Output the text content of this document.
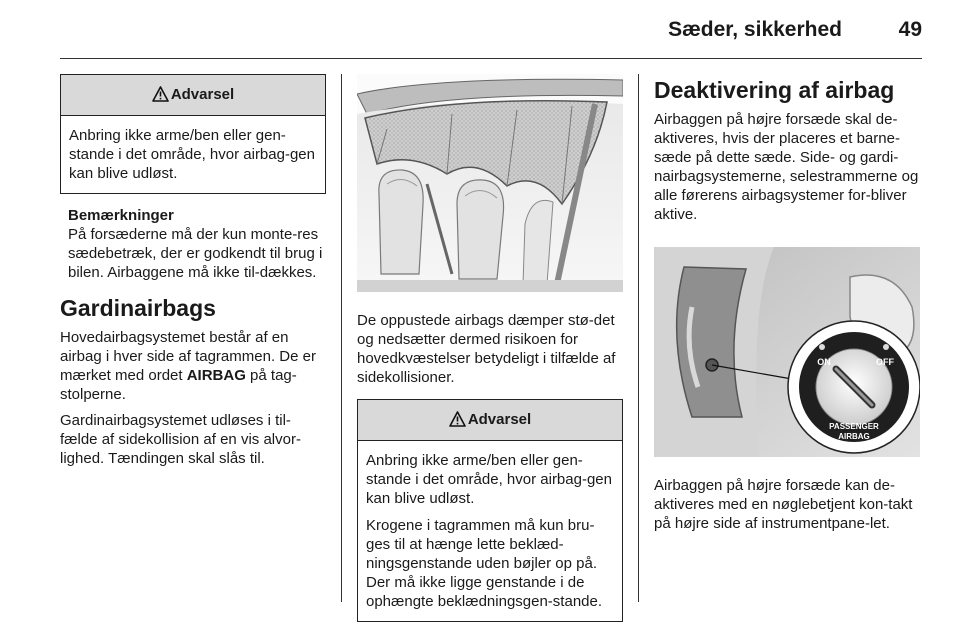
Sæder, sikkerhed	49
Advarsel

Anbring ikke arme/ben eller gen-stande i det område, hvor airbag-gen kan blive udløst.

Bemærkninger

På forsæderne må der kun monte-res sædebetræk, der er godkendt til brug i bilen. Airbaggene må ikke til-dækkes.

Gardinairbags

Hovedairbagsystemet består af en airbag i hver side af tagrammen. De er mærket med ordet AIRBAG på tag-stolperne.

Gardinairbagsystemet udløses i til-fælde af sidekollision af en vis alvor-lighed. Tændingen skal slås til.

De oppustede airbags dæmper stø-det og nedsætter dermed risikoen for hovedkvæstelser betydeligt i tilfælde af sidekollisioner.

Advarsel

Anbring ikke arme/ben eller gen-stande i det område, hvor airbag-gen kan blive udløst.

Krogene i tagrammen må kun bru-ges til at hænge lette beklæd-ningsgenstande uden bøjler op på. Der må ikke ligge genstande i de ophængte beklædningsgen-stande.

Deaktivering af airbag

Airbaggen på højre forsæde skal de-aktiveres, hvis der placeres et barne-sæde på dette sæde. Side- og gardi-nairbagsystemerne, selestrammerne og alle førerens airbagsystemer for-bliver aktive.

ON	OFF
PASSENGER
AIRBAG

Airbaggen på højre forsæde kan de-aktiveres med en nøglebetjent kon-takt på højre side af instrumentpane-let.
